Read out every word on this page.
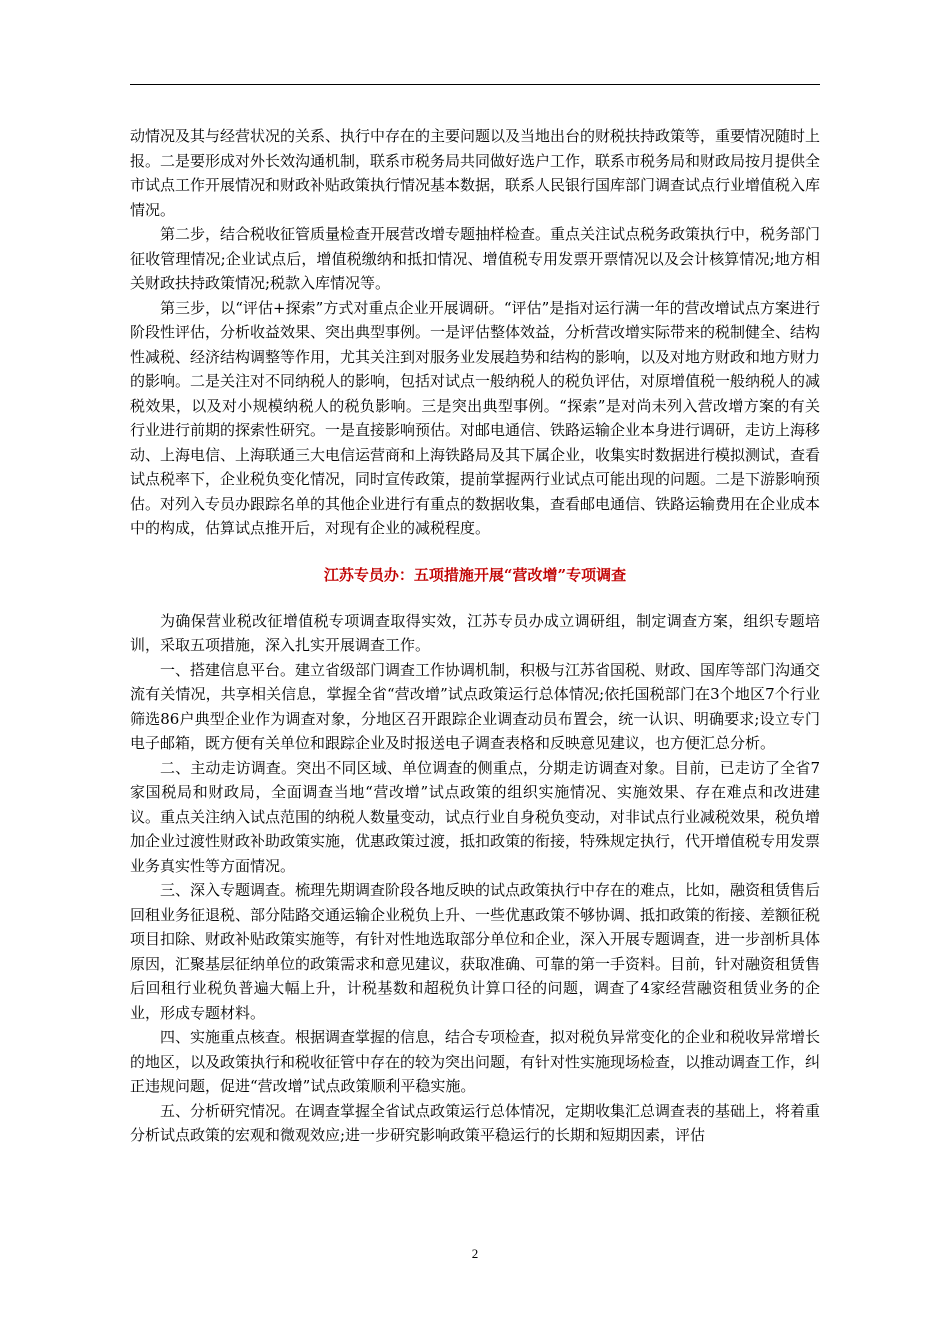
动情况及其与经营状况的关系、执行中存在的主要问题以及当地出台的财税扶持政策等，重要情况随时上报。二是要形成对外长效沟通机制，联系市税务局共同做好选户工作，联系市税务局和财政局按月提供全市试点工作开展情况和财政补贴政策执行情况基本数据，联系人民银行国库部门调查试点行业增值税入库情况。

第二步，结合税收征管质量检查开展营改增专题抽样检查。重点关注试点税务政策执行中，税务部门征收管理情况;企业试点后，增值税缴纳和抵扣情况、增值税专用发票开票情况以及会计核算情况;地方相关财政扶持政策情况;税款入库情况等。

第三步，以“评估+探索”方式对重点企业开展调研。“评估”是指对运行满一年的营改增试点方案进行阶段性评估，分析收益效果、突出典型事例。一是评估整体效益，分析营改增实际带来的税制健全、结构性减税、经济结构调整等作用，尤其关注到对服务业发展趋势和结构的影响，以及对地方财政和地方财力的影响。二是关注对不同纳税人的影响，包括对试点一般纳税人的税负评估，对原增值税一般纳税人的减税效果，以及对小规模纳税人的税负影响。三是突出典型事例。“探索”是对尚未列入营改增方案的有关行业进行前期的探索性研究。一是直接影响预估。对邮电通信、铁路运输企业本身进行调研，走访上海移动、上海电信、上海联通三大电信运营商和上海铁路局及其下属企业，收集实时数据进行模拟测试，查看试点税率下，企业税负变化情况，同时宣传政策，提前掌握两行业试点可能出现的问题。二是下游影响预估。对列入专员办跟踪名单的其他企业进行有重点的数据收集，查看邮电通信、铁路运输费用在企业成本中的构成，估算试点推开后，对现有企业的减税程度。

江苏专员办：五项措施开展“营改增”专项调查

为确保营业税改征增值税专项调查取得实效，江苏专员办成立调研组，制定调查方案，组织专题培训，采取五项措施，深入扎实开展调查工作。

一、搭建信息平台。建立省级部门调查工作协调机制，积极与江苏省国税、财政、国库等部门沟通交流有关情况，共享相关信息，掌握全省“营改增”试点政策运行总体情况;依托国税部门在3个地区7个行业筛选86户典型企业作为调查对象，分地区召开跟踪企业调查动员布置会，统一认识、明确要求;设立专门电子邮箱，既方便有关单位和跟踪企业及时报送电子调查表格和反映意见建议，也方便汇总分析。

二、主动走访调查。突出不同区域、单位调查的侧重点，分期走访调查对象。目前，已走访了全省7家国税局和财政局，全面调查当地“营改增”试点政策的组织实施情况、实施效果、存在难点和改进建议。重点关注纳入试点范围的纳税人数量变动，试点行业自身税负变动，对非试点行业减税效果，税负增加企业过渡性财政补助政策实施，优惠政策过渡，抵扣政策的衔接，特殊规定执行，代开增值税专用发票业务真实性等方面情况。

三、深入专题调查。梳理先期调查阶段各地反映的试点政策执行中存在的难点，比如，融资租赁售后回租业务征退税、部分陆路交通运输企业税负上升、一些优惠政策不够协调、抵扣政策的衔接、差额征税项目扣除、财政补贴政策实施等，有针对性地选取部分单位和企业，深入开展专题调查，进一步剖析具体原因，汇聚基层征纳单位的政策需求和意见建议，获取准确、可靠的第一手资料。目前，针对融资租赁售后回租行业税负普遍大幅上升，计税基数和超税负计算口径的问题，调查了4家经营融资租赁业务的企业，形成专题材料。

四、实施重点核查。根据调查掌握的信息，结合专项检查，拟对税负异常变化的企业和税收异常增长的地区，以及政策执行和税收征管中存在的较为突出问题，有针对性实施现场检查，以推动调查工作，纠正违规问题，促进“营改增”试点政策顺利平稳实施。

五、分析研究情况。在调查掌握全省试点政策运行总体情况，定期收集汇总调查表的基础上，将着重分析试点政策的宏观和微观效应;进一步研究影响政策平稳运行的长期和短期因素，评估

2
